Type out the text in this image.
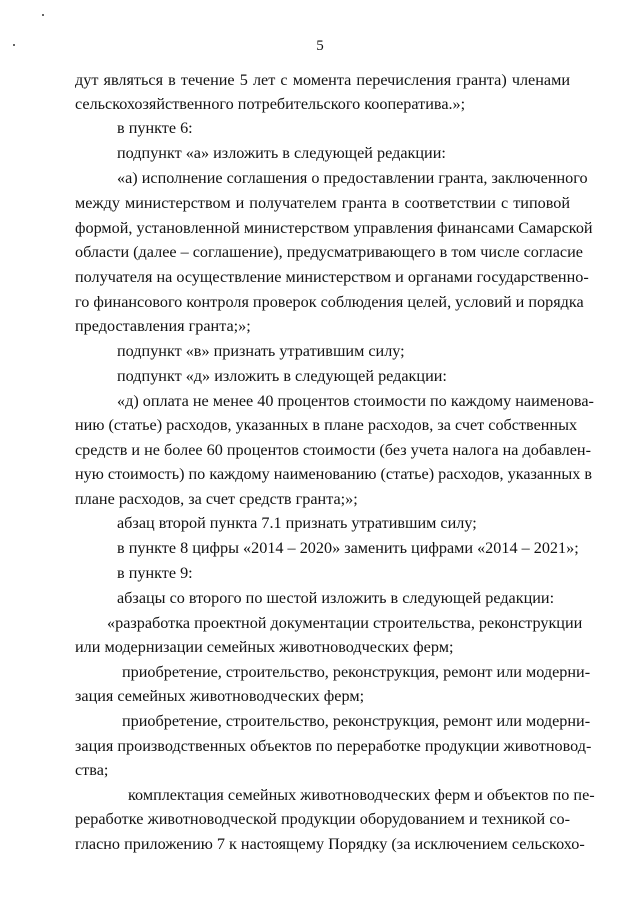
5
дут являться в течение 5 лет с момента перечисления гранта) членами
сельскохозяйственного потребительского кооператива.»;
в пункте 6:
подпункт «а» изложить в следующей редакции:
«а) исполнение соглашения о предоставлении гранта, заключенного
между министерством и получателем гранта в соответствии с типовой
формой, установленной министерством управления финансами Самарской
области (далее – соглашение), предусматривающего в том числе согласие
получателя на осуществление министерством и органами государственно-
го финансового контроля проверок соблюдения целей, условий и порядка
предоставления гранта;»;
подпункт «в» признать утратившим силу;
подпункт «д» изложить в следующей редакции:
«д) оплата не менее 40 процентов стоимости по каждому наименова-
нию (статье) расходов, указанных в плане расходов, за счет собственных
средств и не более 60 процентов стоимости (без учета налога на добавлен-
ную стоимость) по каждому наименованию (статье) расходов, указанных в
плане расходов, за счет средств гранта;»;
абзац второй пункта 7.1 признать утратившим силу;
в пункте 8 цифры «2014 – 2020» заменить цифрами «2014 – 2021»;
в пункте 9:
абзацы со второго по шестой изложить в следующей редакции:
«разработка проектной документации строительства, реконструкции
или модернизации семейных животноводческих ферм;
приобретение, строительство, реконструкция, ремонт или модерни-
зация семейных животноводческих ферм;
приобретение, строительство, реконструкция, ремонт или модерни-
зация производственных объектов по переработке продукции животновод-
ства;
комплектация семейных животноводческих ферм и объектов по пе-
реработке животноводческой продукции оборудованием и техникой со-
гласно приложению 7 к настоящему Порядку (за исключением сельскохо-
